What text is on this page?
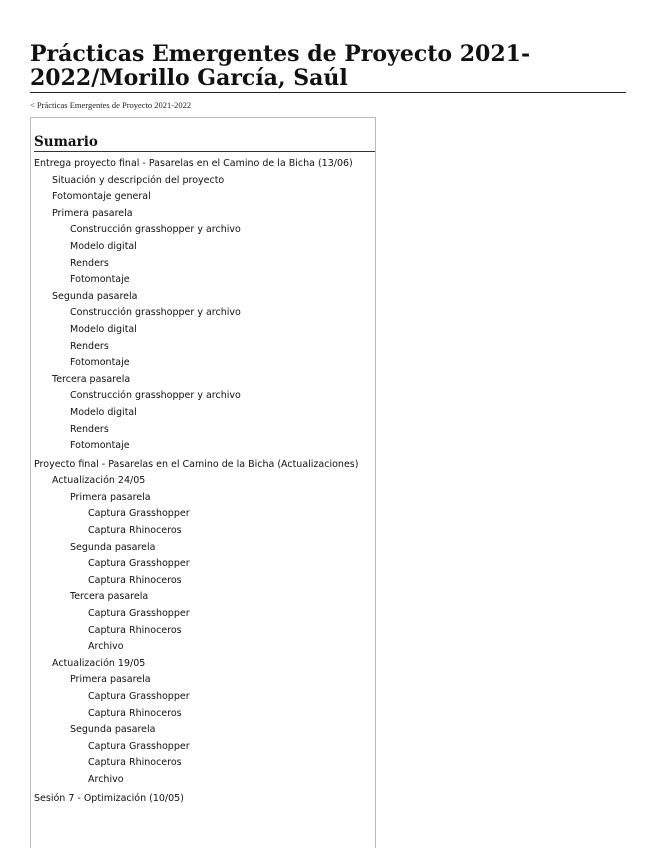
Prácticas Emergentes de Proyecto 2021-2022/Morillo García, Saúl
< Prácticas Emergentes de Proyecto 2021-2022
Sumario
Entrega proyecto final - Pasarelas en el Camino de la Bicha (13/06)
Situación y descripción del proyecto
Fotomontaje general
Primera pasarela
Construcción grasshopper y archivo
Modelo digital
Renders
Fotomontaje
Segunda pasarela
Construcción grasshopper y archivo
Modelo digital
Renders
Fotomontaje
Tercera pasarela
Construcción grasshopper y archivo
Modelo digital
Renders
Fotomontaje
Proyecto final - Pasarelas en el Camino de la Bicha (Actualizaciones)
Actualización 24/05
Primera pasarela
Captura Grasshopper
Captura Rhinoceros
Segunda pasarela
Captura Grasshopper
Captura Rhinoceros
Tercera pasarela
Captura Grasshopper
Captura Rhinoceros
Archivo
Actualización 19/05
Primera pasarela
Captura Grasshopper
Captura Rhinoceros
Segunda pasarela
Captura Grasshopper
Captura Rhinoceros
Archivo
Sesión 7 - Optimización (10/05)
